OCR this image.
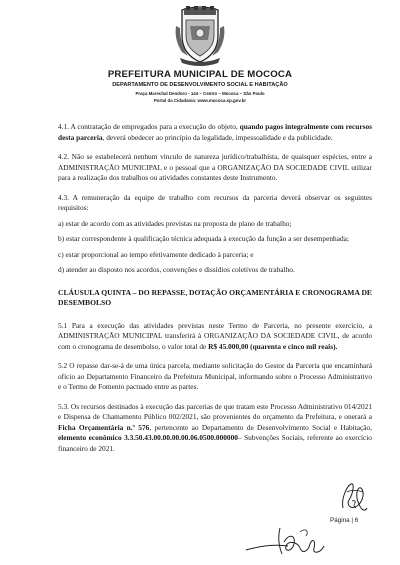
PREFEITURA MUNICIPAL DE MOCOCA
DEPARTAMENTO DE DESENVOLVIMENTO SOCIAL E HABITAÇÃO
Praça Marechal Deodoro - 144 – Centro – Mococa – São Paulo
Portal da Cidadania: www.mococa.sp.gov.br

4.1. A contratação de empregados para a execução do objeto, quando pagos integralmente com recursos desta parceria, deverá obedecer ao princípio da legalidade, impessoalidade e da publicidade.

4.2. Não se estabelecerá nenhum vínculo de natureza jurídico/trabalhista, de quaisquer espécies, entre a ADMINISTRAÇÃO MUNICIPAL e o pessoal que a ORGANIZAÇÃO DA SOCIEDADE CIVIL utilizar para a realização dos trabalhos ou atividades constantes deste Instrumento.

4.3. A remuneração da equipe de trabalho com recursos da parceria deverá observar os seguintes requisitos:

a) estar de acordo com as atividades previstas na proposta de plano de trabalho;

b) estar correspondente à qualificação técnica adequada à execução da função a ser desempenhada;

c) estar proporcional ao tempo efetivamente dedicado à parceria; e

d) atender ao disposto nos acordos, convenções e dissídios coletivos de trabalho.

CLÁUSULA QUINTA – DO REPASSE, DOTAÇÃO ORÇAMENTÁRIA E CRONOGRAMA DE DESEMBOLSO

5.1 Para a execução das atividades previstas neste Termo de Parceria, no presente exercício, a ADMINISTRAÇÃO MUNICIPAL transferirá à ORGANIZAÇÃO DA SOCIEDADE CIVIL, de acordo com o cronograma de desembolso, o valor total de R$ 45.000,00 (quarenta e cinco mil reais).

5.2 O repasse dar-se-á de uma única parcela, mediante solicitação do Gestor da Parceria que encaminhará ofício ao Departamento Financeiro da Prefeitura Municipal, informando sobre o Processo Administrativo e o Termo de Fomento pactuado entre as partes.

5.3. Os recursos destinados à execução das parcerias de que tratam este Processo Administrativo 014/2021 e Dispensa de Chamamento Público 002/2021, são provenientes do orçamento da Prefeitura, e onerará a Ficha Orçamentária n.º 576, pertencente ao Departamento de Desenvolvimento Social e Habitação, elemento econômico 3.3.50.43.00.00.00.00.06.0500.000000– Subvenções Sociais, referente ao exercício financeiro de 2021.

Página | 6
